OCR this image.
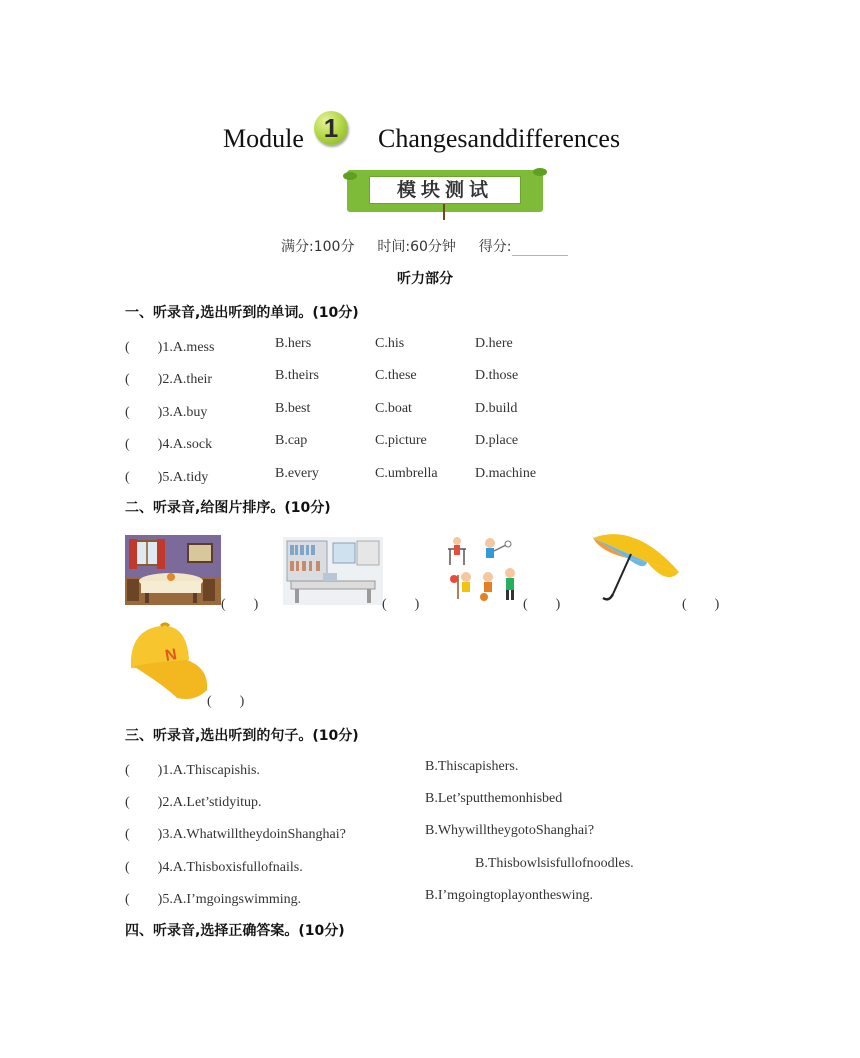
Module 1	Changesanddifferences
模块测试
满分:100分 时间:60分钟 得分:
听力部分
一、听录音,选出听到的单词。(10分)
(　　)1.A.mess	B.hers	C.his	D.here
(　　)2.A.their	B.theirs	C.these	D.those
(　　)3.A.buy	B.best	C.boat	D.build
(　　)4.A.sock	B.cap	C.picture	D.place
(　　)5.A.tidy	B.every	C.umbrella	D.machine
二、听录音,给图片排序。(10分)
(　　)	(　　)	(　　)	(　　)
N
(　　)
三、听录音,选出听到的句子。(10分)
(　　)1.A.Thiscapishis.	B.Thiscapishers.
(　　)2.A.Let’stidyitup.	B.Let’sputthemonhisbed
(　　)3.A.WhatwilltheydoinShanghai?	B.WhywilltheygotoShanghai?
(　　)4.A.Thisboxisfullofnails.	B.Thisbowlsisfullofnoodles.
(　　)5.A.I’mgoingswimming.	B.I’mgoingtoplayontheswing.
四、听录音,选择正确答案。(10分)
